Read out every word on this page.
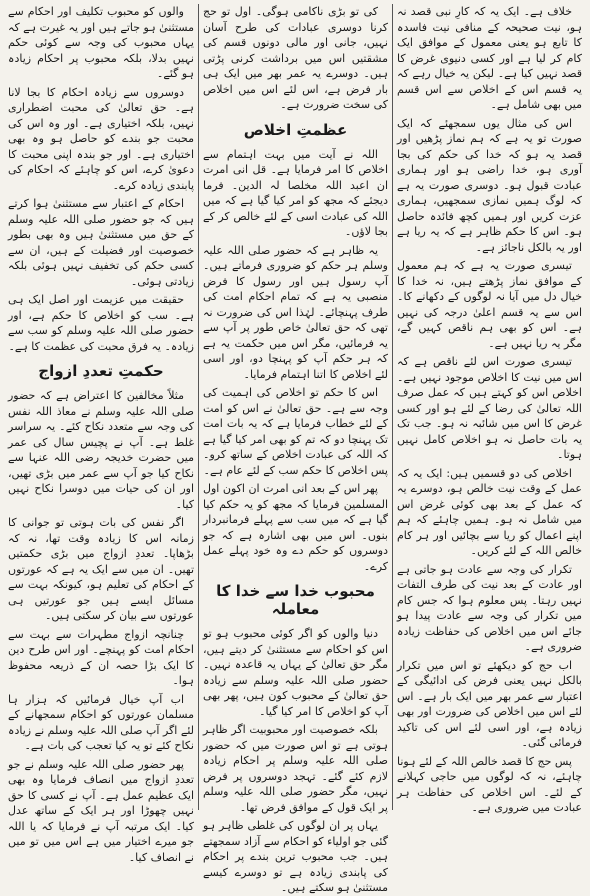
خلاف ہے۔ ایک یہ کہ کارِ نبی قصد نہ ہو، نیت صحیحہ کے منافی نیت فاسدہ کا تابع ہو یعنی معمول کے موافق ایک کام کر لیا ہے اور کسی دنیوی غرض کا قصد نہیں کیا ہے۔ لیکن یہ خیال رہے کہ یہ قسم اس کے اخلاص سے اس قسم میں بھی شامل ہے۔

اس کی مثال یوں سمجھئے کہ ایک صورت تو یہ ہے کہ ہم نماز پڑھیں اور قصد یہ ہو کہ خدا کی حکم کی بجا آوری ہو، خدا راضی ہو اور ہماری عبادت قبول ہو۔ دوسری صورت یہ ہے کہ لوگ ہمیں نمازی سمجھیں، ہماری عزت کریں اور ہمیں کچھ فائدہ حاصل ہو۔ اس کا حکم ظاہر ہے کہ یہ ریا ہے اور یہ بالکل ناجائز ہے۔

تیسری صورت یہ ہے کہ ہم معمول کے موافق نماز پڑھتے ہیں، نہ خدا کا خیال دل میں آیا نہ لوگوں کے دکھانے کا۔ اس سے یہ قسم اعلیٰ درجہ کی نہیں ہے۔ اس کو بھی ہم ناقص کہیں گے، مگر یہ ریا نہیں ہے۔

تیسری صورت اس لئے ناقص ہے کہ اس میں نیت کا اخلاص موجود نہیں ہے۔ اخلاص اس کو کہتے ہیں کہ عمل صرف اللہ تعالیٰ کی رضا کے لئے ہو اور کسی غرض کا اس میں شائبہ نہ ہو۔ جب تک یہ بات حاصل نہ ہو اخلاص کامل نہیں ہوتا۔

اخلاص کی دو قسمیں ہیں: ایک یہ کہ عمل کے وقت نیت خالص ہو، دوسرے یہ کہ عمل کے بعد بھی کوئی غرض اس میں شامل نہ ہو۔ ہمیں چاہئے کہ ہم اپنے اعمال کو ریا سے بچائیں اور ہر کام خالص اللہ کے لئے کریں۔

تکرار کی وجہ سے عادت ہو جاتی ہے اور عادت کے بعد نیت کی طرف التفات نہیں رہتا۔ پس معلوم ہوا کہ جس کام میں تکرار کی وجہ سے عادت پیدا ہو جائے اس میں اخلاص کی حفاظت زیادہ ضروری ہے۔

اب حج کو دیکھئے تو اس میں تکرار بالکل نہیں یعنی فرض کی ادائیگی کے اعتبار سے عمر بھر میں ایک بار ہے۔ اس لئے اس میں اخلاص کی ضرورت اور بھی زیادہ ہے، اور اسی لئے اس کی تاکید فرمائی گئی۔

پس حج کا قصد خالص اللہ کے لئے ہونا چاہئے، نہ کہ لوگوں میں حاجی کہلانے کے لئے۔ اس اخلاص کی حفاظت ہر عبادت میں ضروری ہے۔

کی تو بڑی ناکامی ہوگی۔ اول تو حج کرنا دوسری عبادات کی طرح آسان نہیں، جانی اور مالی دونوں قسم کی مشقتیں اس میں برداشت کرنی پڑتی ہیں۔ دوسرے یہ عمر بھر میں ایک ہی بار فرض ہے، اس لئے اس میں اخلاص کی سخت ضرورت ہے۔

عظمتِ اخلاص

اللہ نے آیت میں بہت اہتمام سے اخلاص کا امر فرمایا ہے۔ قل انی امرت ان اعبد اللہ مخلصا لہ الدین۔ فرما دیجئے کہ مجھ کو امر کیا گیا ہے کہ میں اللہ کی عبادت اسی کے لئے خالص کر کے بجا لاؤں۔

یہ ظاہر ہے کہ حضور صلی اللہ علیہ وسلم ہر حکم کو ضروری فرماتے ہیں۔ آپ رسول ہیں اور رسول کا فرض منصبی یہ ہے کہ تمام احکام امت کی طرف پہنچائے۔ لہٰذا اس کی ضرورت نہ تھی کہ حق تعالیٰ خاص طور پر آپ سے یہ فرمائیں، مگر اس میں حکمت یہ ہے کہ ہر حکم آپ کو پہنچا دو، اور اسی لئے اخلاص کا اتنا اہتمام فرمایا۔

اس کا حکم تو اخلاص کی اہمیت کی وجہ سے ہے۔ حق تعالیٰ نے اس کو امت کے لئے خطاب فرمایا ہے کہ یہ بات امت تک پہنچا دو کہ تم کو بھی امر کیا گیا ہے کہ اللہ کی عبادت اخلاص کے ساتھ کرو۔ پس اخلاص کا حکم سب کے لئے عام ہے۔

پھر اس کے بعد انی امرت ان اکون اول المسلمین فرمایا کہ مجھ کو یہ حکم کیا گیا ہے کہ میں سب سے پہلے فرمانبردار بنوں۔ اس میں بھی اشارہ ہے کہ جو دوسروں کو حکم دے وہ خود پہلے عمل کرے۔

محبوب خدا سے خدا کا معاملہ

دنیا والوں کو اگر کوئی محبوب ہو تو اس کو احکام سے مستثنیٰ کر دیتے ہیں، مگر حق تعالیٰ کے یہاں یہ قاعدہ نہیں۔ حضور صلی اللہ علیہ وسلم سے زیادہ حق تعالیٰ کے محبوب کون ہیں، پھر بھی آپ کو اخلاص کا امر کیا گیا۔

بلکہ خصوصیت اور محبوبیت اگر ظاہر ہوتی ہے تو اس صورت میں کہ حضور صلی اللہ علیہ وسلم پر احکام زیادہ لازم کئے گئے۔ تہجد دوسروں پر فرض نہیں، مگر حضور صلی اللہ علیہ وسلم پر ایک قول کے موافق فرض تھا۔

یہاں پر ان لوگوں کی غلطی ظاہر ہو گئی جو اولیاء کو احکام سے آزاد سمجھتے ہیں۔ جب محبوب ترین بندے پر احکام کی پابندی زیادہ ہے تو دوسرے کیسے مستثنیٰ ہو سکتے ہیں۔

والوں کو محبوب تکلیف اور احکام سے مستثنیٰ ہو جاتے ہیں اور یہ غیرت ہے کہ یہاں محبوب کی وجہ سے کوئی حکم نہیں بدلا، بلکہ محبوب پر احکام زیادہ ہو گئے۔

دوسروں سے زیادہ احکام کا بجا لانا ہے۔ حق تعالیٰ کی محبت اضطراری نہیں، بلکہ اختیاری ہے۔ اور وہ اس کی محبت جو بندے کو حاصل ہو وہ بھی اختیاری ہے۔ اور جو بندہ اپنی محبت کا دعویٰ کرے، اس کو چاہئے کہ احکام کی پابندی زیادہ کرے۔

احکام کے اعتبار سے مستثنیٰ ہوا کرتے ہیں کہ جو حضور صلی اللہ علیہ وسلم کے حق میں مستثنیٰ ہیں وہ بھی بطور خصوصیت اور فضیلت کے ہیں، ان سے کسی حکم کی تخفیف نہیں ہوئی بلکہ زیادتی ہوئی۔

حقیقت میں عزیمت اور اصل ایک ہی ہے۔ سب کو اخلاص کا حکم ہے، اور حضور صلی اللہ علیہ وسلم کو سب سے زیادہ۔ یہ فرق محبت کی عظمت کا ہے۔

حکمتِ تعددِ ازواج

مثلاً مخالفین کا اعتراض ہے کہ حضور صلی اللہ علیہ وسلم نے معاذ اللہ نفس کی وجہ سے متعدد نکاح کئے۔ یہ سراسر غلط ہے۔ آپ نے پچیس سال کی عمر میں حضرت خدیجہ رضی اللہ عنہا سے نکاح کیا جو آپ سے عمر میں بڑی تھیں، اور ان کی حیات میں دوسرا نکاح نہیں کیا۔

اگر نفس کی بات ہوتی تو جوانی کا زمانہ اس کا زیادہ وقت تھا، نہ کہ بڑھاپا۔ تعددِ ازواج میں بڑی حکمتیں تھیں۔ ان میں سے ایک یہ ہے کہ عورتوں کے احکام کی تعلیم ہو، کیونکہ بہت سے مسائل ایسے ہیں جو عورتیں ہی عورتوں سے بیان کر سکتی ہیں۔

چنانچہ ازواج مطہرات سے بہت سے احکام امت کو پہنچے۔ اور اس طرح دین کا ایک بڑا حصہ ان کے ذریعہ محفوظ ہوا۔

اب آپ خیال فرمائیں کہ ہزار ہا مسلمان عورتوں کو احکام سمجھانے کے لئے اگر آپ صلی اللہ علیہ وسلم نے زیادہ نکاح کئے تو یہ کیا تعجب کی بات ہے۔

پھر حضور صلی اللہ علیہ وسلم نے جو تعددِ ازواج میں انصاف فرمایا وہ بھی ایک عظیم عمل ہے۔ آپ نے کسی کا حق نہیں چھوڑا اور ہر ایک کے ساتھ عدل کیا۔ ایک مرتبہ آپ نے فرمایا کہ یا اللہ جو میرے اختیار میں ہے اس میں تو میں نے انصاف کیا۔
